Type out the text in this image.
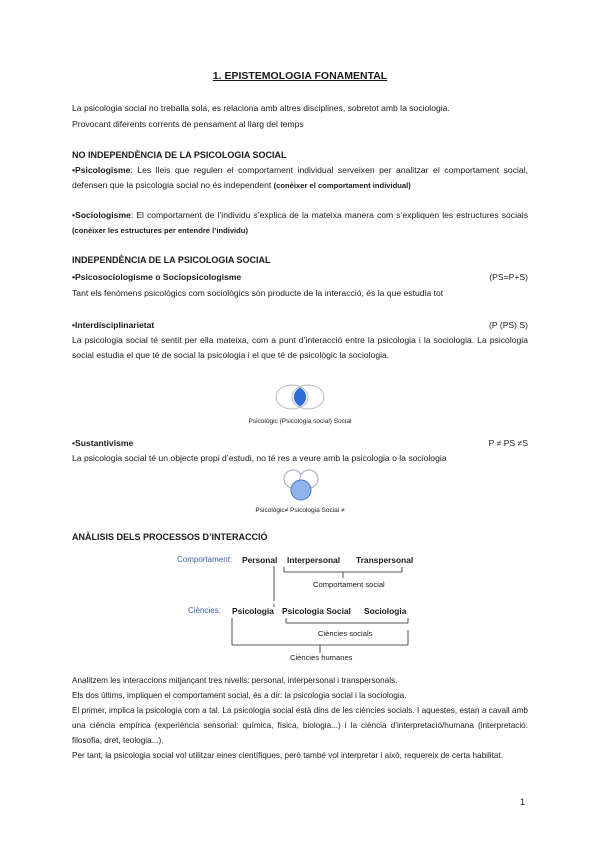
1. EPISTEMOLOGIA FONAMENTAL
La psicologia social no treballa sola, es relaciona amb altres disciplines, sobretot amb la sociologia.
Provocant diferents corrents de pensament al llarg del temps
NO INDEPENDÈNCIA DE LA PSICOLOGIA SOCIAL
•Psicologisme: Les lleis que regulen el comportament individual serveixen per analitzar el comportament social, defensen que la psicologia social no és independent (conèixer el comportament individual)
•Sociologisme: El comportament de l’individu s’explica de la mateixa manera com s’expliquen les estructures socials (conèixer les estructures per entendre l’individu)
INDEPENDÈNCIA DE LA PSICOLOGIA SOCIAL
•Psicosociologisme o Sociopsicologisme	(PS=P+S)
Tant els fenòmens psicològics com sociològics són producte de la interacció, és la que estudia tot
•Interdisciplinarietat	(P (PS) S)
La psicologia social té sentit per ella mateixa, com a punt d’interacció entre la psicologia i la sociologia. La psicologia social estudia el que té de social la psicologia i el que té de psicològic la sociologia.
Psicològic (Psicologia social) Social
•Sustantivisme	P ≠ PS ≠S
La psicologia social té un objecte propi d’estudi, no té res a veure amb la psicologia o la sociologia
Psicològic≠ Psicologia Social ≠
ANÀLISIS DELS PROCESSOS D’INTERACCIÓ
Comportament: Personal Interpersonal Transpersonal
Comportament social
Ciències: Psicologia Psicologia Social Sociologia
Ciències socials
Ciències humanes
Analitzem les interaccions mitjançant tres nivells: personal, interpersonal i transpersonals.
Els dos últims, impliquen el comportament social, és a dir: la psicologia social i la sociologia.
El primer, implica la psicologia com a tal. La psicologia social està dins de les ciències socials. I aquestes, estan a cavall amb una ciència empírica (experiència sensorial: química, física, biologia...) i la ciència d’interpretació/humana (interpretació: filosofia, dret, teologia...).
Per tant, la psicologia social vol utilitzar eines científiques, però també vol interpretar i això, requereix de certa habilitat.
1
